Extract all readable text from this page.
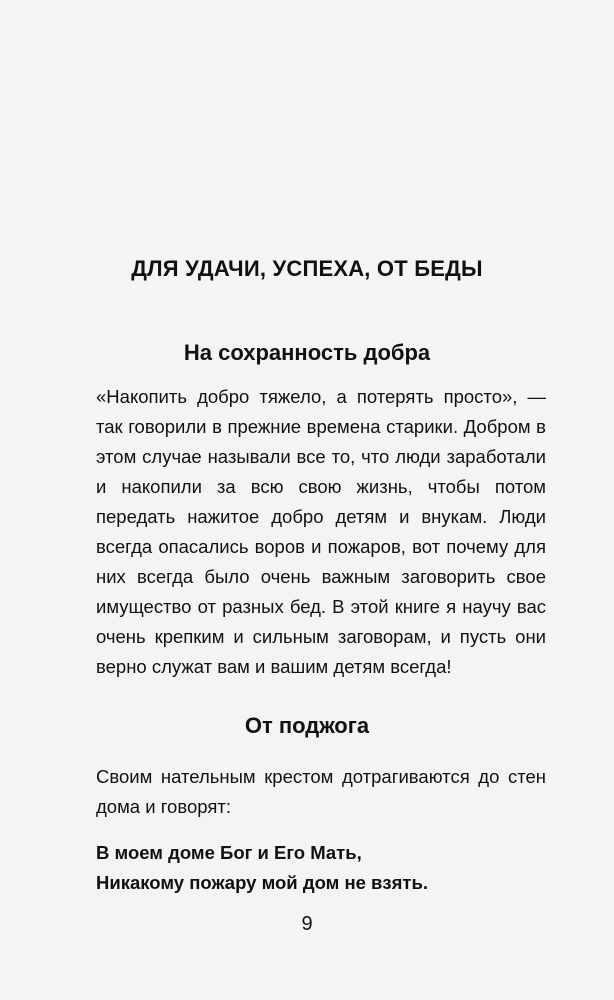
ДЛЯ УДАЧИ, УСПЕХА, ОТ БЕДЫ
На сохранность добра

«Накопить добро тяжело, а потерять просто», — так говорили в прежние времена старики. Добром в этом случае называли все то, что люди заработали и накопили за всю свою жизнь, чтобы потом передать нажитое добро детям и внукам. Люди всегда опасались воров и пожаров, вот почему для них всегда было очень важным заговорить свое имущество от разных бед. В этой книге я научу вас очень крепким и сильным заговорам, и пусть они верно служат вам и вашим детям всегда!

От поджога

Своим нательным крестом дотрагиваются до стен дома и говорят:

В моем доме Бог и Его Мать,
Никакому пожару мой дом не взять.
9
